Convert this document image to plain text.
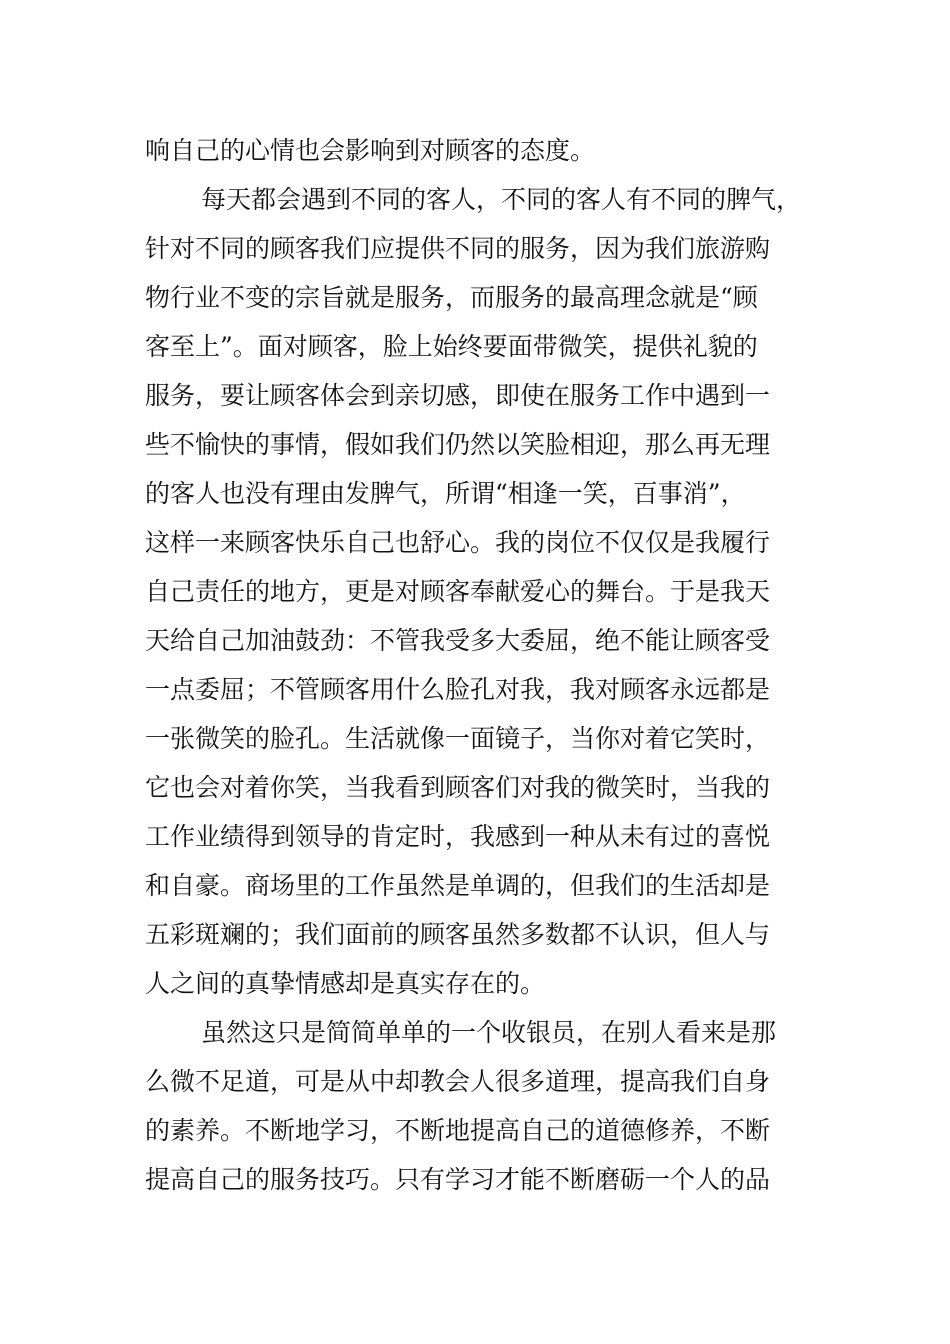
响自己的心情也会影响到对顾客的态度。
每天都会遇到不同的客人，不同的客人有不同的脾气，
针对不同的顾客我们应提供不同的服务，因为我们旅游购
物行业不变的宗旨就是服务，而服务的最高理念就是“顾
客至上”。面对顾客，脸上始终要面带微笑，提供礼貌的
服务，要让顾客体会到亲切感，即使在服务工作中遇到一
些不愉快的事情，假如我们仍然以笑脸相迎，那么再无理
的客人也没有理由发脾气，所谓“相逢一笑，百事消”，
这样一来顾客快乐自己也舒心。我的岗位不仅仅是我履行
自己责任的地方，更是对顾客奉献爱心的舞台。于是我天
天给自己加油鼓劲：不管我受多大委屈，绝不能让顾客受
一点委屈；不管顾客用什么脸孔对我，我对顾客永远都是
一张微笑的脸孔。生活就像一面镜子，当你对着它笑时，
它也会对着你笑，当我看到顾客们对我的微笑时，当我的
工作业绩得到领导的肯定时，我感到一种从未有过的喜悦
和自豪。商场里的工作虽然是单调的，但我们的生活却是
五彩斑斓的；我们面前的顾客虽然多数都不认识，但人与
人之间的真挚情感却是真实存在的。
虽然这只是简简单单的一个收银员，在别人看来是那
么微不足道，可是从中却教会人很多道理，提高我们自身
的素养。不断地学习，不断地提高自己的道德修养，不断
提高自己的服务技巧。只有学习才能不断磨砺一个人的品
